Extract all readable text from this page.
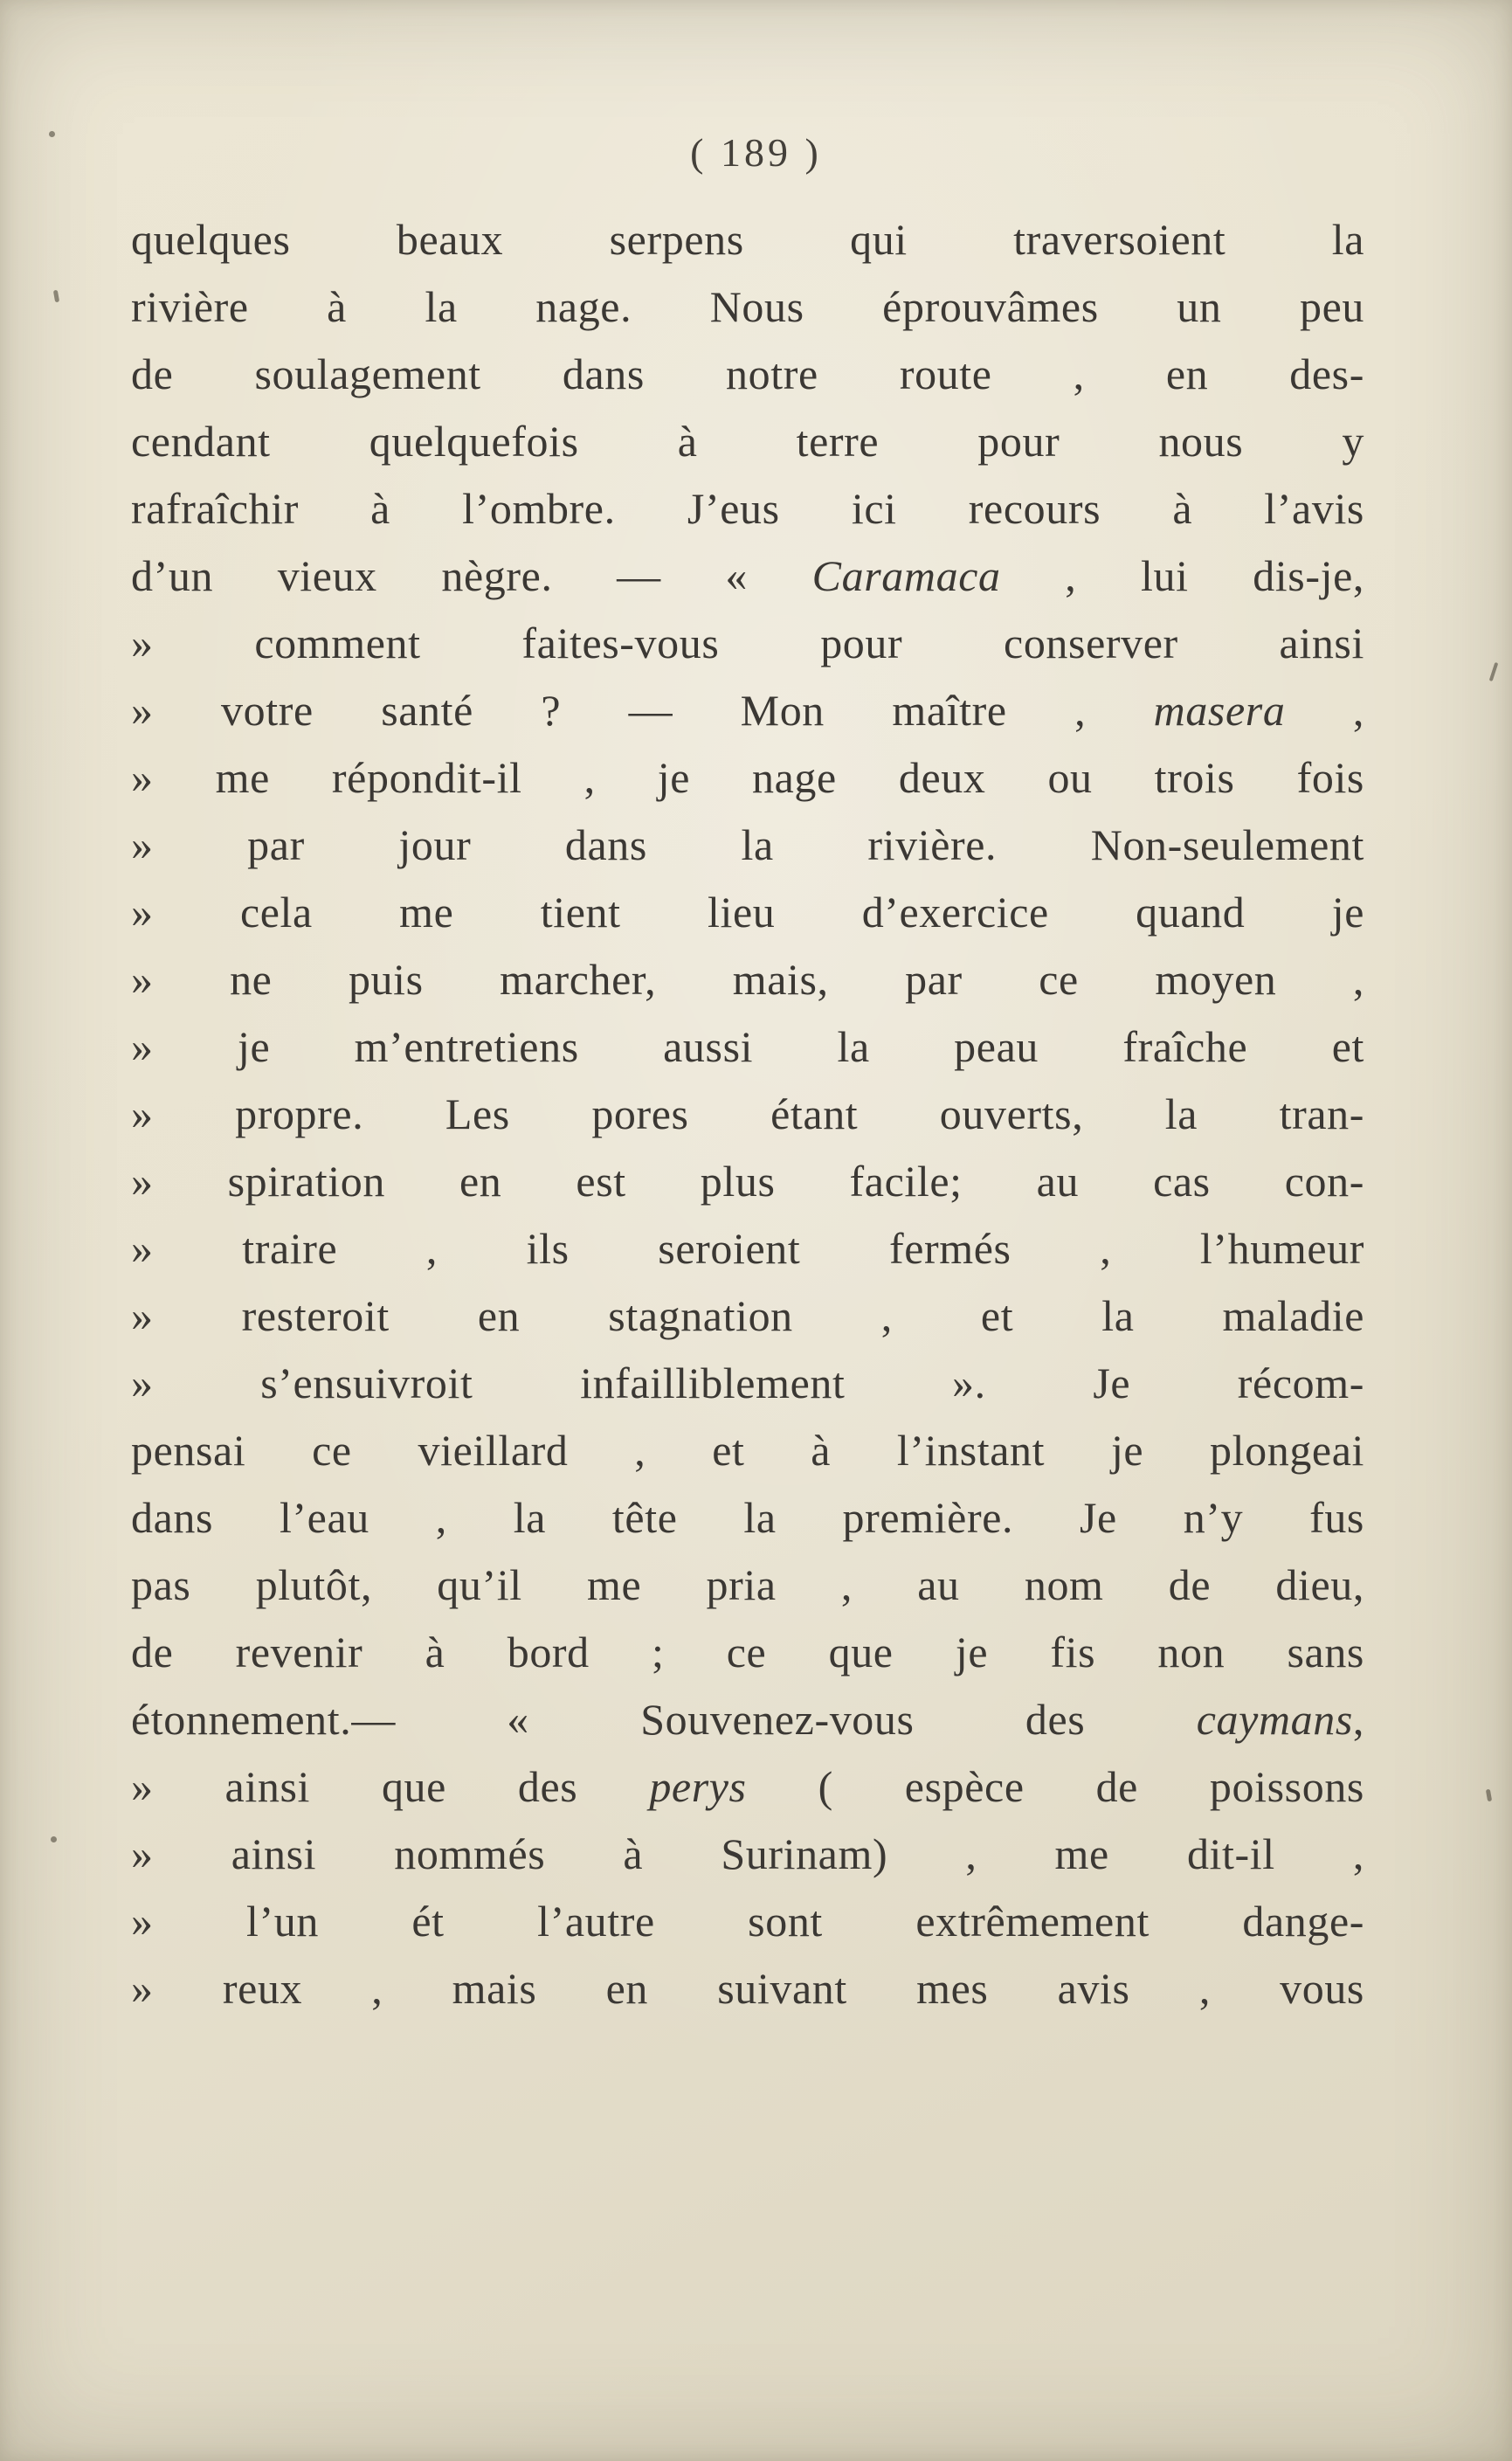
( 189 )
quelques beaux serpens qui traversoient la
rivière à la nage. Nous éprouvâmes un peu
de soulagement dans notre route , en des-
cendant quelquefois à terre pour nous y
rafraîchir à l’ombre. J’eus ici recours à l’avis
d’un vieux nègre. — « Caramaca , lui dis-je,
» comment faites-vous pour conserver ainsi
» votre santé ? — Mon maître , masera ,
» me répondit-il , je nage deux ou trois fois
» par jour dans la rivière. Non-seulement
» cela me tient lieu d’exercice quand je
» ne puis marcher, mais, par ce moyen ,
» je m’entretiens aussi la peau fraîche et
» propre. Les pores étant ouverts, la tran-
» spiration en est plus facile; au cas con-
» traire , ils seroient fermés , l’humeur
» resteroit en stagnation , et la maladie
» s’ensuivroit infailliblement ». Je récom-
pensai ce vieillard , et à l’instant je plongeai
dans l’eau , la tête la première. Je n’y fus
pas plutôt, qu’il me pria , au nom de dieu,
de revenir à bord ; ce que je fis non sans
étonnement.— « Souvenez-vous des caymans,
» ainsi que des perys ( espèce de poissons
» ainsi nommés à Surinam) , me dit-il ,
» l’un ét l’autre sont extrêmement dange-
» reux , mais en suivant mes avis , vous
